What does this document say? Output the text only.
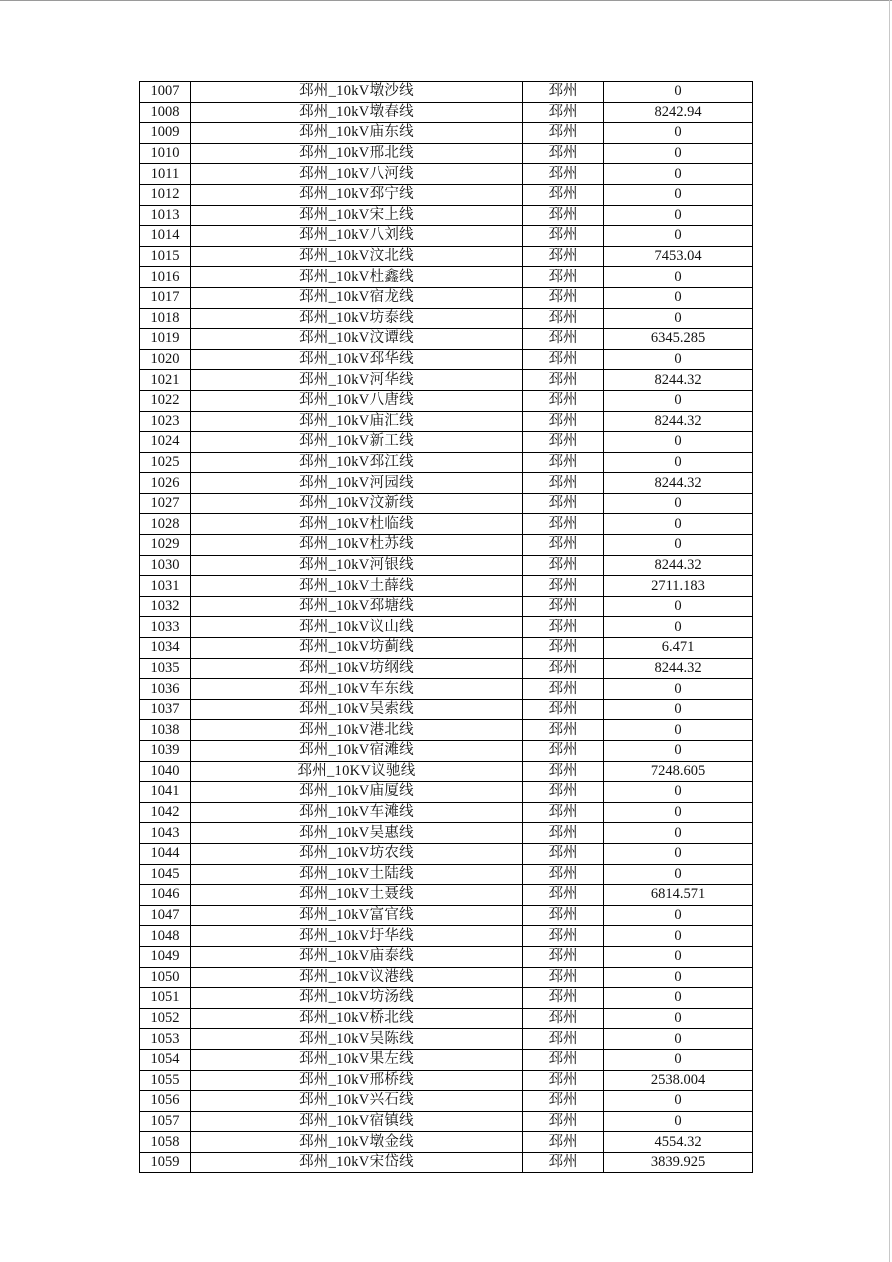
1007	邳州_10kV墩沙线	邳州	0
1008	邳州_10kV墩春线	邳州	8242.94
1009	邳州_10kV庙东线	邳州	0
1010	邳州_10kV邢北线	邳州	0
1011	邳州_10kV八河线	邳州	0
1012	邳州_10kV邳宁线	邳州	0
1013	邳州_10kV宋上线	邳州	0
1014	邳州_10kV八刘线	邳州	0
1015	邳州_10kV汶北线	邳州	7453.04
1016	邳州_10kV杜鑫线	邳州	0
1017	邳州_10kV宿龙线	邳州	0
1018	邳州_10kV坊泰线	邳州	0
1019	邳州_10kV汶谭线	邳州	6345.285
1020	邳州_10kV邳华线	邳州	0
1021	邳州_10kV河华线	邳州	8244.32
1022	邳州_10kV八唐线	邳州	0
1023	邳州_10kV庙汇线	邳州	8244.32
1024	邳州_10kV新工线	邳州	0
1025	邳州_10kV邳江线	邳州	0
1026	邳州_10kV河园线	邳州	8244.32
1027	邳州_10kV汶新线	邳州	0
1028	邳州_10kV杜临线	邳州	0
1029	邳州_10kV杜苏线	邳州	0
1030	邳州_10kV河银线	邳州	8244.32
1031	邳州_10kV土薛线	邳州	2711.183
1032	邳州_10kV邳塘线	邳州	0
1033	邳州_10kV议山线	邳州	0
1034	邳州_10kV坊蓟线	邳州	6.471
1035	邳州_10kV坊纲线	邳州	8244.32
1036	邳州_10kV车东线	邳州	0
1037	邳州_10kV吴索线	邳州	0
1038	邳州_10kV港北线	邳州	0
1039	邳州_10kV宿滩线	邳州	0
1040	邳州_10KV议驰线	邳州	7248.605
1041	邳州_10kV庙厦线	邳州	0
1042	邳州_10kV车滩线	邳州	0
1043	邳州_10kV吴惠线	邳州	0
1044	邳州_10kV坊农线	邳州	0
1045	邳州_10kV土陆线	邳州	0
1046	邳州_10kV土聂线	邳州	6814.571
1047	邳州_10kV富官线	邳州	0
1048	邳州_10kV圩华线	邳州	0
1049	邳州_10kV庙泰线	邳州	0
1050	邳州_10kV议港线	邳州	0
1051	邳州_10kV坊汤线	邳州	0
1052	邳州_10kV桥北线	邳州	0
1053	邳州_10kV吴陈线	邳州	0
1054	邳州_10kV果左线	邳州	0
1055	邳州_10kV邢桥线	邳州	2538.004
1056	邳州_10kV兴石线	邳州	0
1057	邳州_10kV宿镇线	邳州	0
1058	邳州_10kV墩金线	邳州	4554.32
1059	邳州_10kV宋岱线	邳州	3839.925
